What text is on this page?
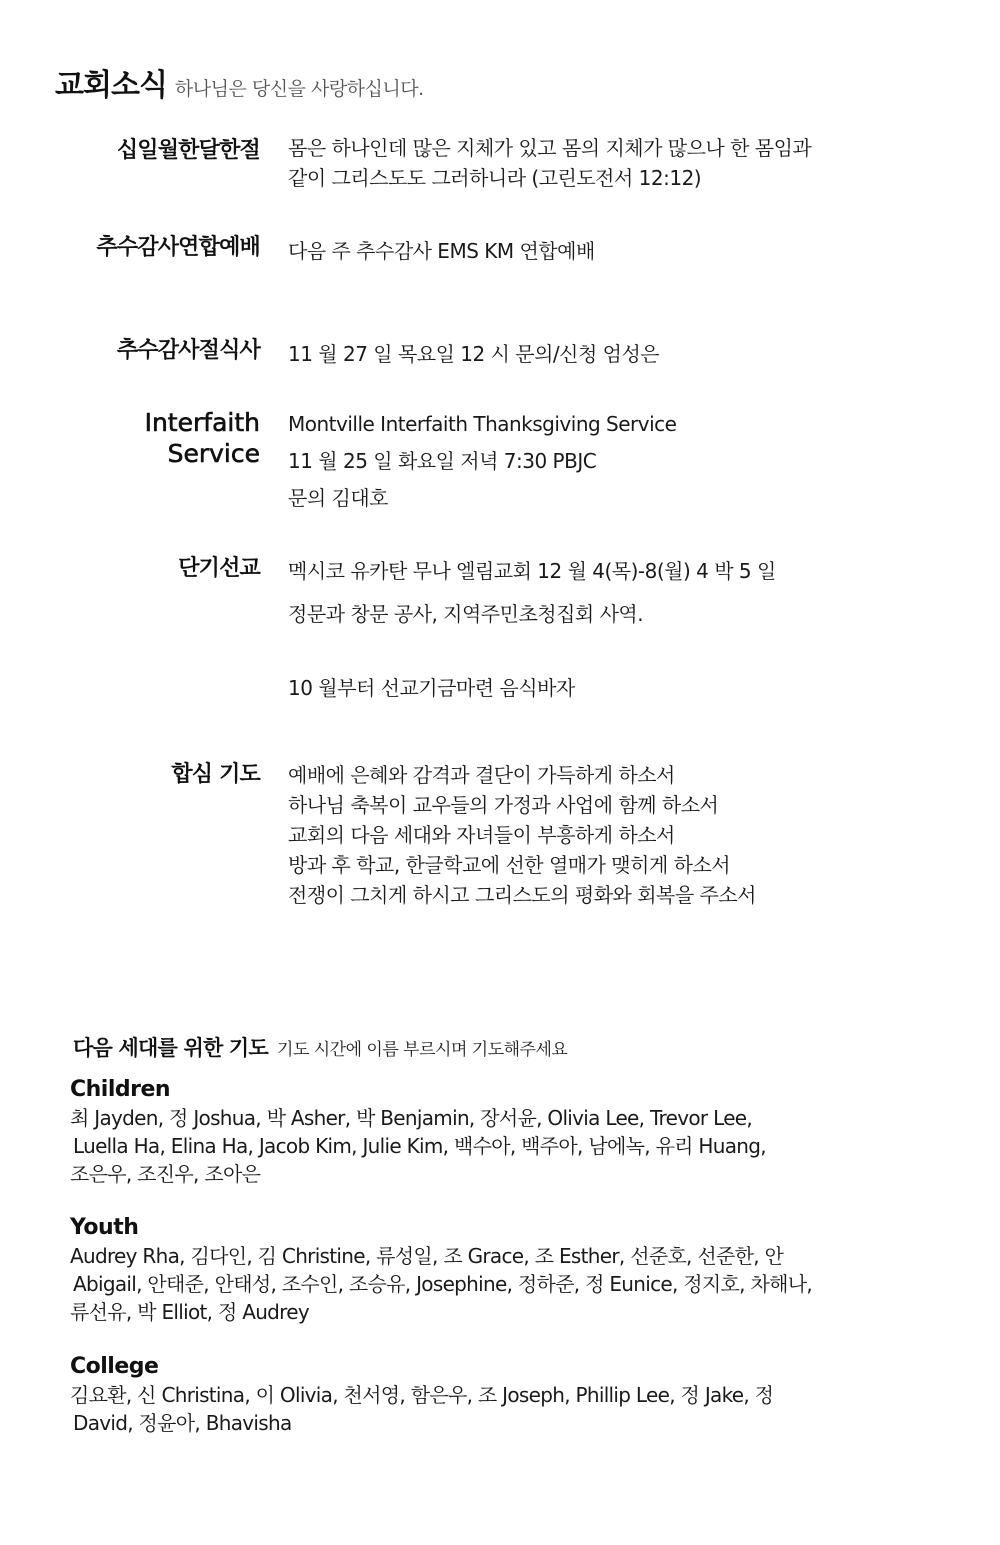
교회소식 하나님은 당신을 사랑하십니다.
십일월한달한절 몸은 하나인데 많은 지체가 있고 몸의 지체가 많으나 한 몸임과
같이 그리스도도 그러하니라 (고린도전서 12:12)
추수감사연합예배 다음 주 추수감사 EMS KM 연합예배
추수감사절식사 11 월 27 일 목요일 12 시 문의/신청 엄성은
Interfaith
Service
Montville Interfaith Thanksgiving Service
11 월 25 일 화요일 저녁 7:30 PBJC
문의 김대호
단기선교 멕시코 유카탄 무나 엘림교회 12 월 4(목)-8(월) 4 박 5 일
정문과 창문 공사, 지역주민초청집회 사역.
10 월부터 선교기금마련 음식바자
합심 기도 예배에 은혜와 감격과 결단이 가득하게 하소서
하나님 축복이 교우들의 가정과 사업에 함께 하소서
교회의 다음 세대와 자녀들이 부흥하게 하소서
방과 후 학교, 한글학교에 선한 열매가 맺히게 하소서
전쟁이 그치게 하시고 그리스도의 평화와 회복을 주소서
다음 세대를 위한 기도 기도 시간에 이름 부르시며 기도해주세요
Children
최 Jayden, 정 Joshua, 박 Asher, 박 Benjamin, 장서윤, Olivia Lee, Trevor Lee,
Luella Ha, Elina Ha, Jacob Kim, Julie Kim, 백수아, 백주아, 남에녹, 유리 Huang,
조은우, 조진우, 조아은
Youth
Audrey Rha, 김다인, 김 Christine, 류성일, 조 Grace, 조 Esther, 선준호, 선준한, 안
Abigail, 안태준, 안태성, 조수인, 조승유, Josephine, 정하준, 정 Eunice, 정지호, 차해나,
류선유, 박 Elliot, 정 Audrey
College
김요환, 신 Christina, 이 Olivia, 천서영, 함은우, 조 Joseph, Phillip Lee, 정 Jake, 정
David, 정윤아, Bhavisha
